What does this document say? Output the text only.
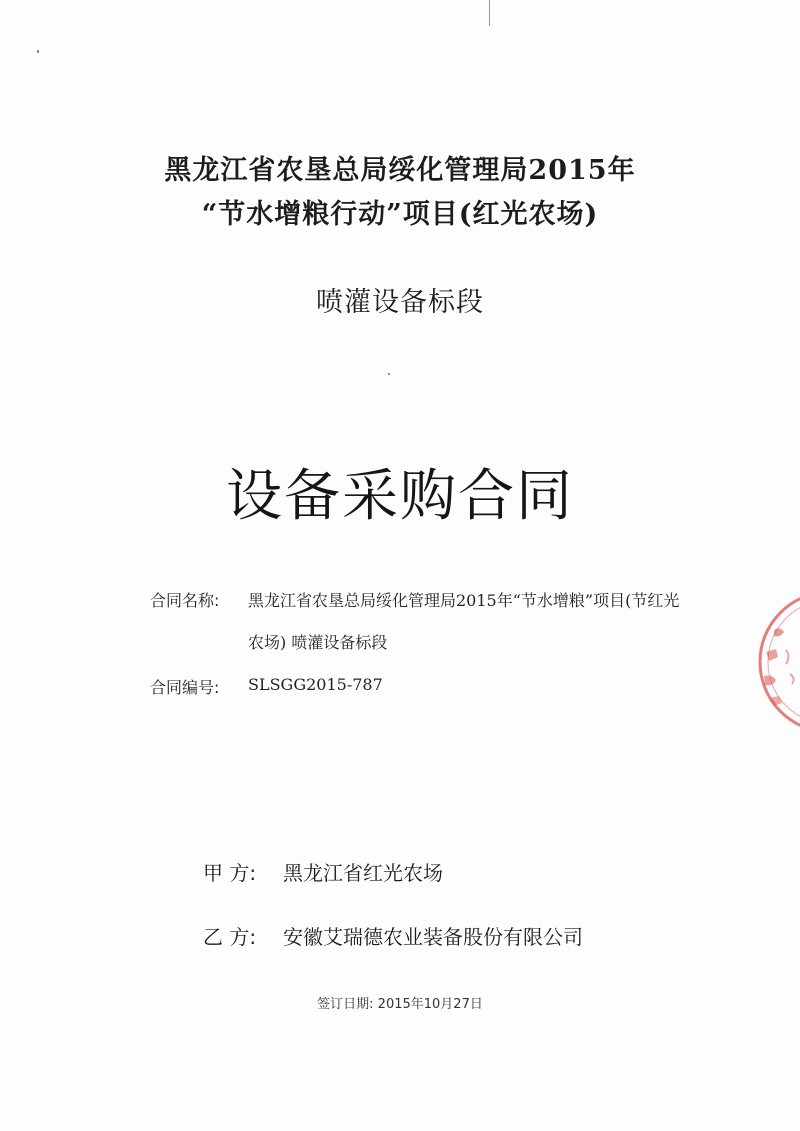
黑龙江省农垦总局绥化管理局2015年
“节水增粮行动”项目(红光农场)
喷灌设备标段
设备采购合同
合同名称: 黑龙江省农垦总局绥化管理局2015年“节水增粮”项目(节红光
农场) 喷灌设备标段
合同编号: SLSGG2015-787
甲 方: 黑龙江省红光农场
乙 方: 安徽艾瑞德农业装备股份有限公司
签订日期: 2015年10月27日
